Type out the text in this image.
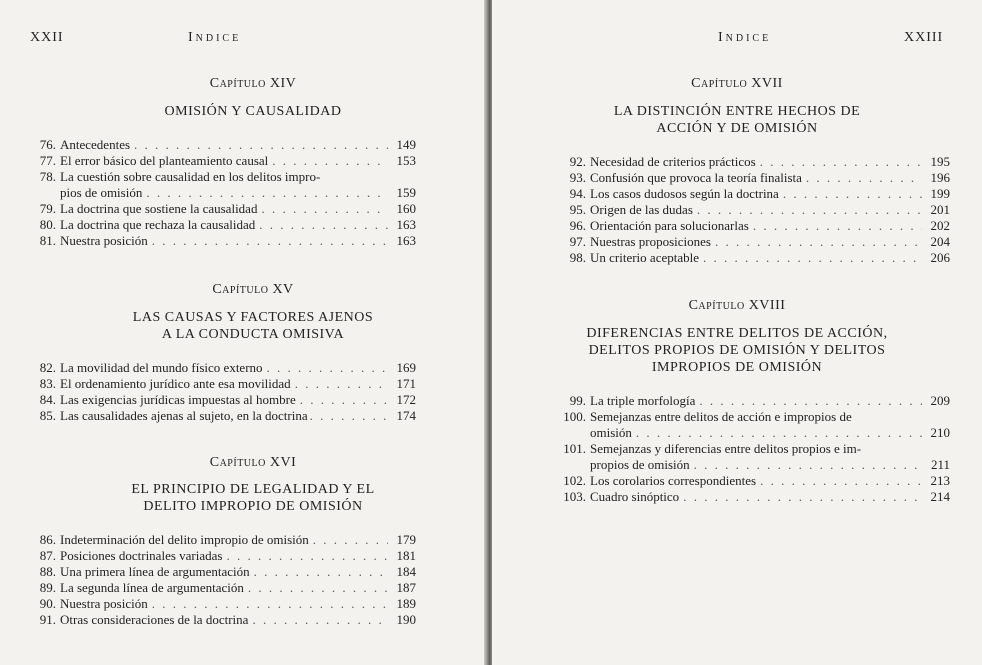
XXII	Indice
Capítulo XIV
OMISIÓN Y CAUSALIDAD
76. Antecedentes . . .	149
77. El error básico del planteamiento causal . . .	153
78. La cuestión sobre causalidad en los delitos impro-
pios de omisión . . .	159
79. La doctrina que sostiene la causalidad . . .	160
80. La doctrina que rechaza la causalidad . . .	163
81. Nuestra posición . . .	163
Capítulo XV
LAS CAUSAS Y FACTORES AJENOS
A LA CONDUCTA OMISIVA
82. La movilidad del mundo físico externo . . .	169
83. El ordenamiento jurídico ante esa movilidad . . .	171
84. Las exigencias jurídicas impuestas al hombre . . .	172
85. Las causalidades ajenas al sujeto, en la doctrina . . .	174
Capítulo XVI
EL PRINCIPIO DE LEGALIDAD Y EL
DELITO IMPROPIO DE OMISIÓN
86. Indeterminación del delito impropio de omisión . . .	179
87. Posiciones doctrinales variadas . . .	181
88. Una primera línea de argumentación . . .	184
89. La segunda línea de argumentación . . .	187
90. Nuestra posición . . .	189
91. Otras consideraciones de la doctrina . . .	190
Indice	XXIII
Capítulo XVII
LA DISTINCIÓN ENTRE HECHOS DE
ACCIÓN Y DE OMISIÓN
92. Necesidad de criterios prácticos . . .	195
93. Confusión que provoca la teoría finalista . . .	196
94. Los casos dudosos según la doctrina . . .	199
95. Origen de las dudas . . .	201
96. Orientación para solucionarlas . . .	202
97. Nuestras proposiciones . . .	204
98. Un criterio aceptable . . .	206
Capítulo XVIII
DIFERENCIAS ENTRE DELITOS DE ACCIÓN,
DELITOS PROPIOS DE OMISIÓN Y DELITOS
IMPROPIOS DE OMISIÓN
99. La triple morfología . . .	209
100. Semejanzas entre delitos de acción e impropios de
omisión . . .	210
101. Semejanzas y diferencias entre delitos propios e im-
propios de omisión . . .	211
102. Los corolarios correspondientes . . .	213
103. Cuadro sinóptico . . .	214
